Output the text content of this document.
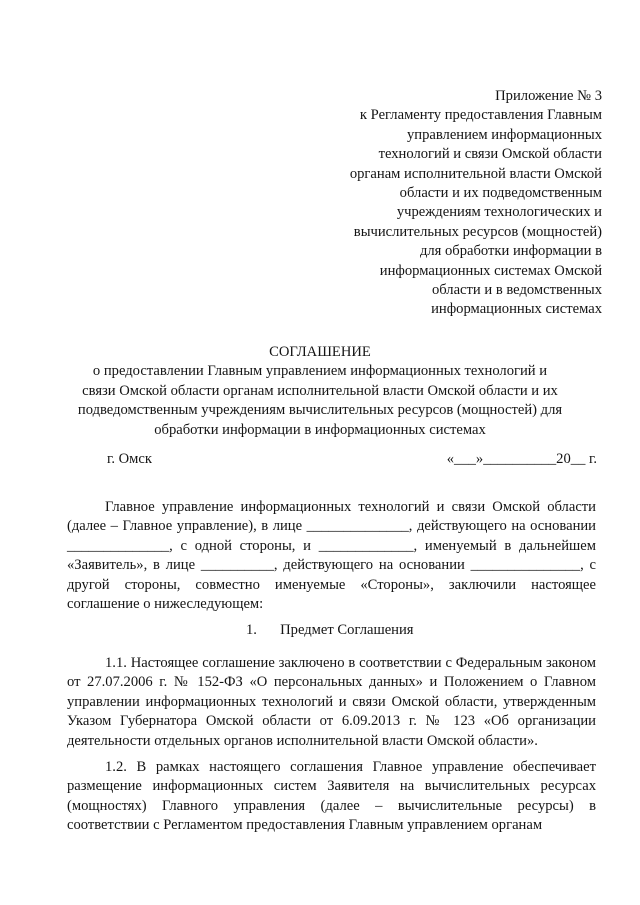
Приложение № 3
к Регламенту предоставления Главным
управлением информационных
технологий и связи Омской области
органам исполнительной власти Омской
области и их подведомственным
учреждениям технологических и
вычислительных ресурсов (мощностей)
для обработки информации в
информационных системах Омской
области и в ведомственных
информационных системах
СОГЛАШЕНИЕ
о предоставлении Главным управлением информационных технологий и
связи Омской области органам исполнительной власти Омской области и их
подведомственным учреждениям вычислительных ресурсов (мощностей) для
обработки информации в информационных системах
г. Омск	«___»__________20__ г.

Главное управление информационных технологий и связи Омской области (далее – Главное управление), в лице ______________, действующего на основании ______________, с одной стороны, и _____________, именуемый в дальнейшем «Заявитель», в лице __________, действующего на основании _______________, с другой стороны, совместно именуемые «Стороны», заключили настоящее соглашение о нижеследующем:

1. Предмет Соглашения

1.1. Настоящее соглашение заключено в соответствии с Федеральным законом от 27.07.2006 г. № 152-ФЗ «О персональных данных» и Положением о Главном управлении информационных технологий и связи Омской области, утвержденным Указом Губернатора Омской области от 6.09.2013 г. № 123 «Об организации деятельности отдельных органов исполнительной власти Омской области».

1.2. В рамках настоящего соглашения Главное управление обеспечивает размещение информационных систем Заявителя на вычислительных ресурсах (мощностях) Главного управления (далее – вычислительные ресурсы) в соответствии с Регламентом предоставления Главным управлением органам
